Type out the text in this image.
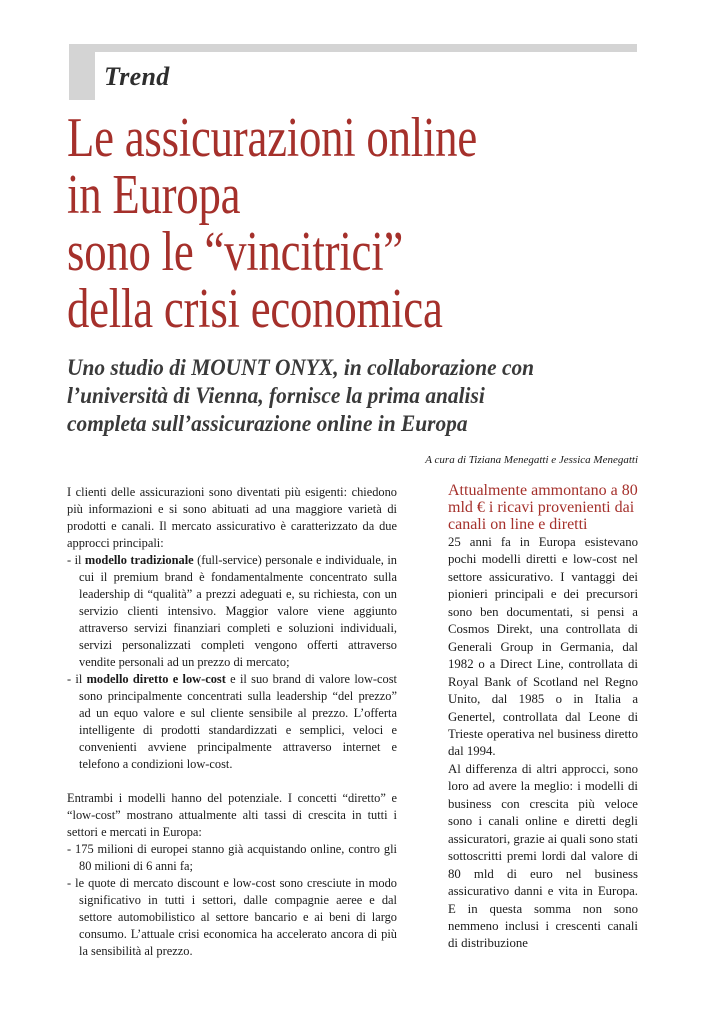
Trend
Le assicurazioni online
in Europa
sono le “vincitrici”
della crisi economica
Uno studio di MOUNT ONYX, in collaborazione con
l’università di Vienna, fornisce la prima analisi
completa sull’assicurazione online in Europa
A cura di Tiziana Menegatti e Jessica Menegatti

I clienti delle assicurazioni sono diventati più esigenti: chiedono più informazioni e si sono abituati ad una maggiore varietà di prodotti e canali. Il mercato assicurativo è caratterizzato da due approcci principali:

- il modello tradizionale (full-service) personale e individuale, in cui il premium brand è fondamentalmente concentrato sulla leadership di “qualità” a prezzi adeguati e, su richiesta, con un servizio clienti intensivo. Maggior valore viene aggiunto attraverso servizi finanziari completi e soluzioni individuali, servizi personalizzati completi vengono offerti attraverso vendite personali ad un prezzo di mercato;

- il modello diretto e low-cost e il suo brand di valore low-cost sono principalmente concentrati sulla leadership “del prezzo” ad un equo valore e sul cliente sensibile al prezzo. L’offerta intelligente di prodotti standardizzati e semplici, veloci e convenienti avviene principalmente attraverso internet e telefono a condizioni low-cost.

Entrambi i modelli hanno del potenziale. I concetti “diretto” e “low-cost” mostrano attualmente alti tassi di crescita in tutti i settori e mercati in Europa:

- 175 milioni di europei stanno già acquistando online, contro gli 80 milioni di 6 anni fa;

- le quote di mercato discount e low-cost sono cresciute in modo significativo in tutti i settori, dalle compagnie aeree e dal settore automobilistico al settore bancario e ai beni di largo consumo. L’attuale crisi economica ha accelerato ancora di più la sensibilità al prezzo.

Attualmente ammontano a 80 mld € i ricavi provenienti dai canali on line e diretti

25 anni fa in Europa esistevano pochi modelli diretti e low-cost nel settore assicurativo. I vantaggi dei pionieri principali e dei precursori sono ben documentati, si pensi a Cosmos Direkt, una controllata di Generali Group in Germania, dal 1982 o a Direct Line, controllata di Royal Bank of Scotland nel Regno Unito, dal 1985 o in Italia a Genertel, controllata dal Leone di Trieste operativa nel business diretto dal 1994.

Al differenza di altri approcci, sono loro ad avere la meglio: i modelli di business con crescita più veloce sono i canali online e diretti degli assicuratori, grazie ai quali sono stati sottoscritti premi lordi dal valore di 80 mld di euro nel business assicurativo danni e vita in Europa. E in questa somma non sono nemmeno inclusi i crescenti canali di distribuzione
